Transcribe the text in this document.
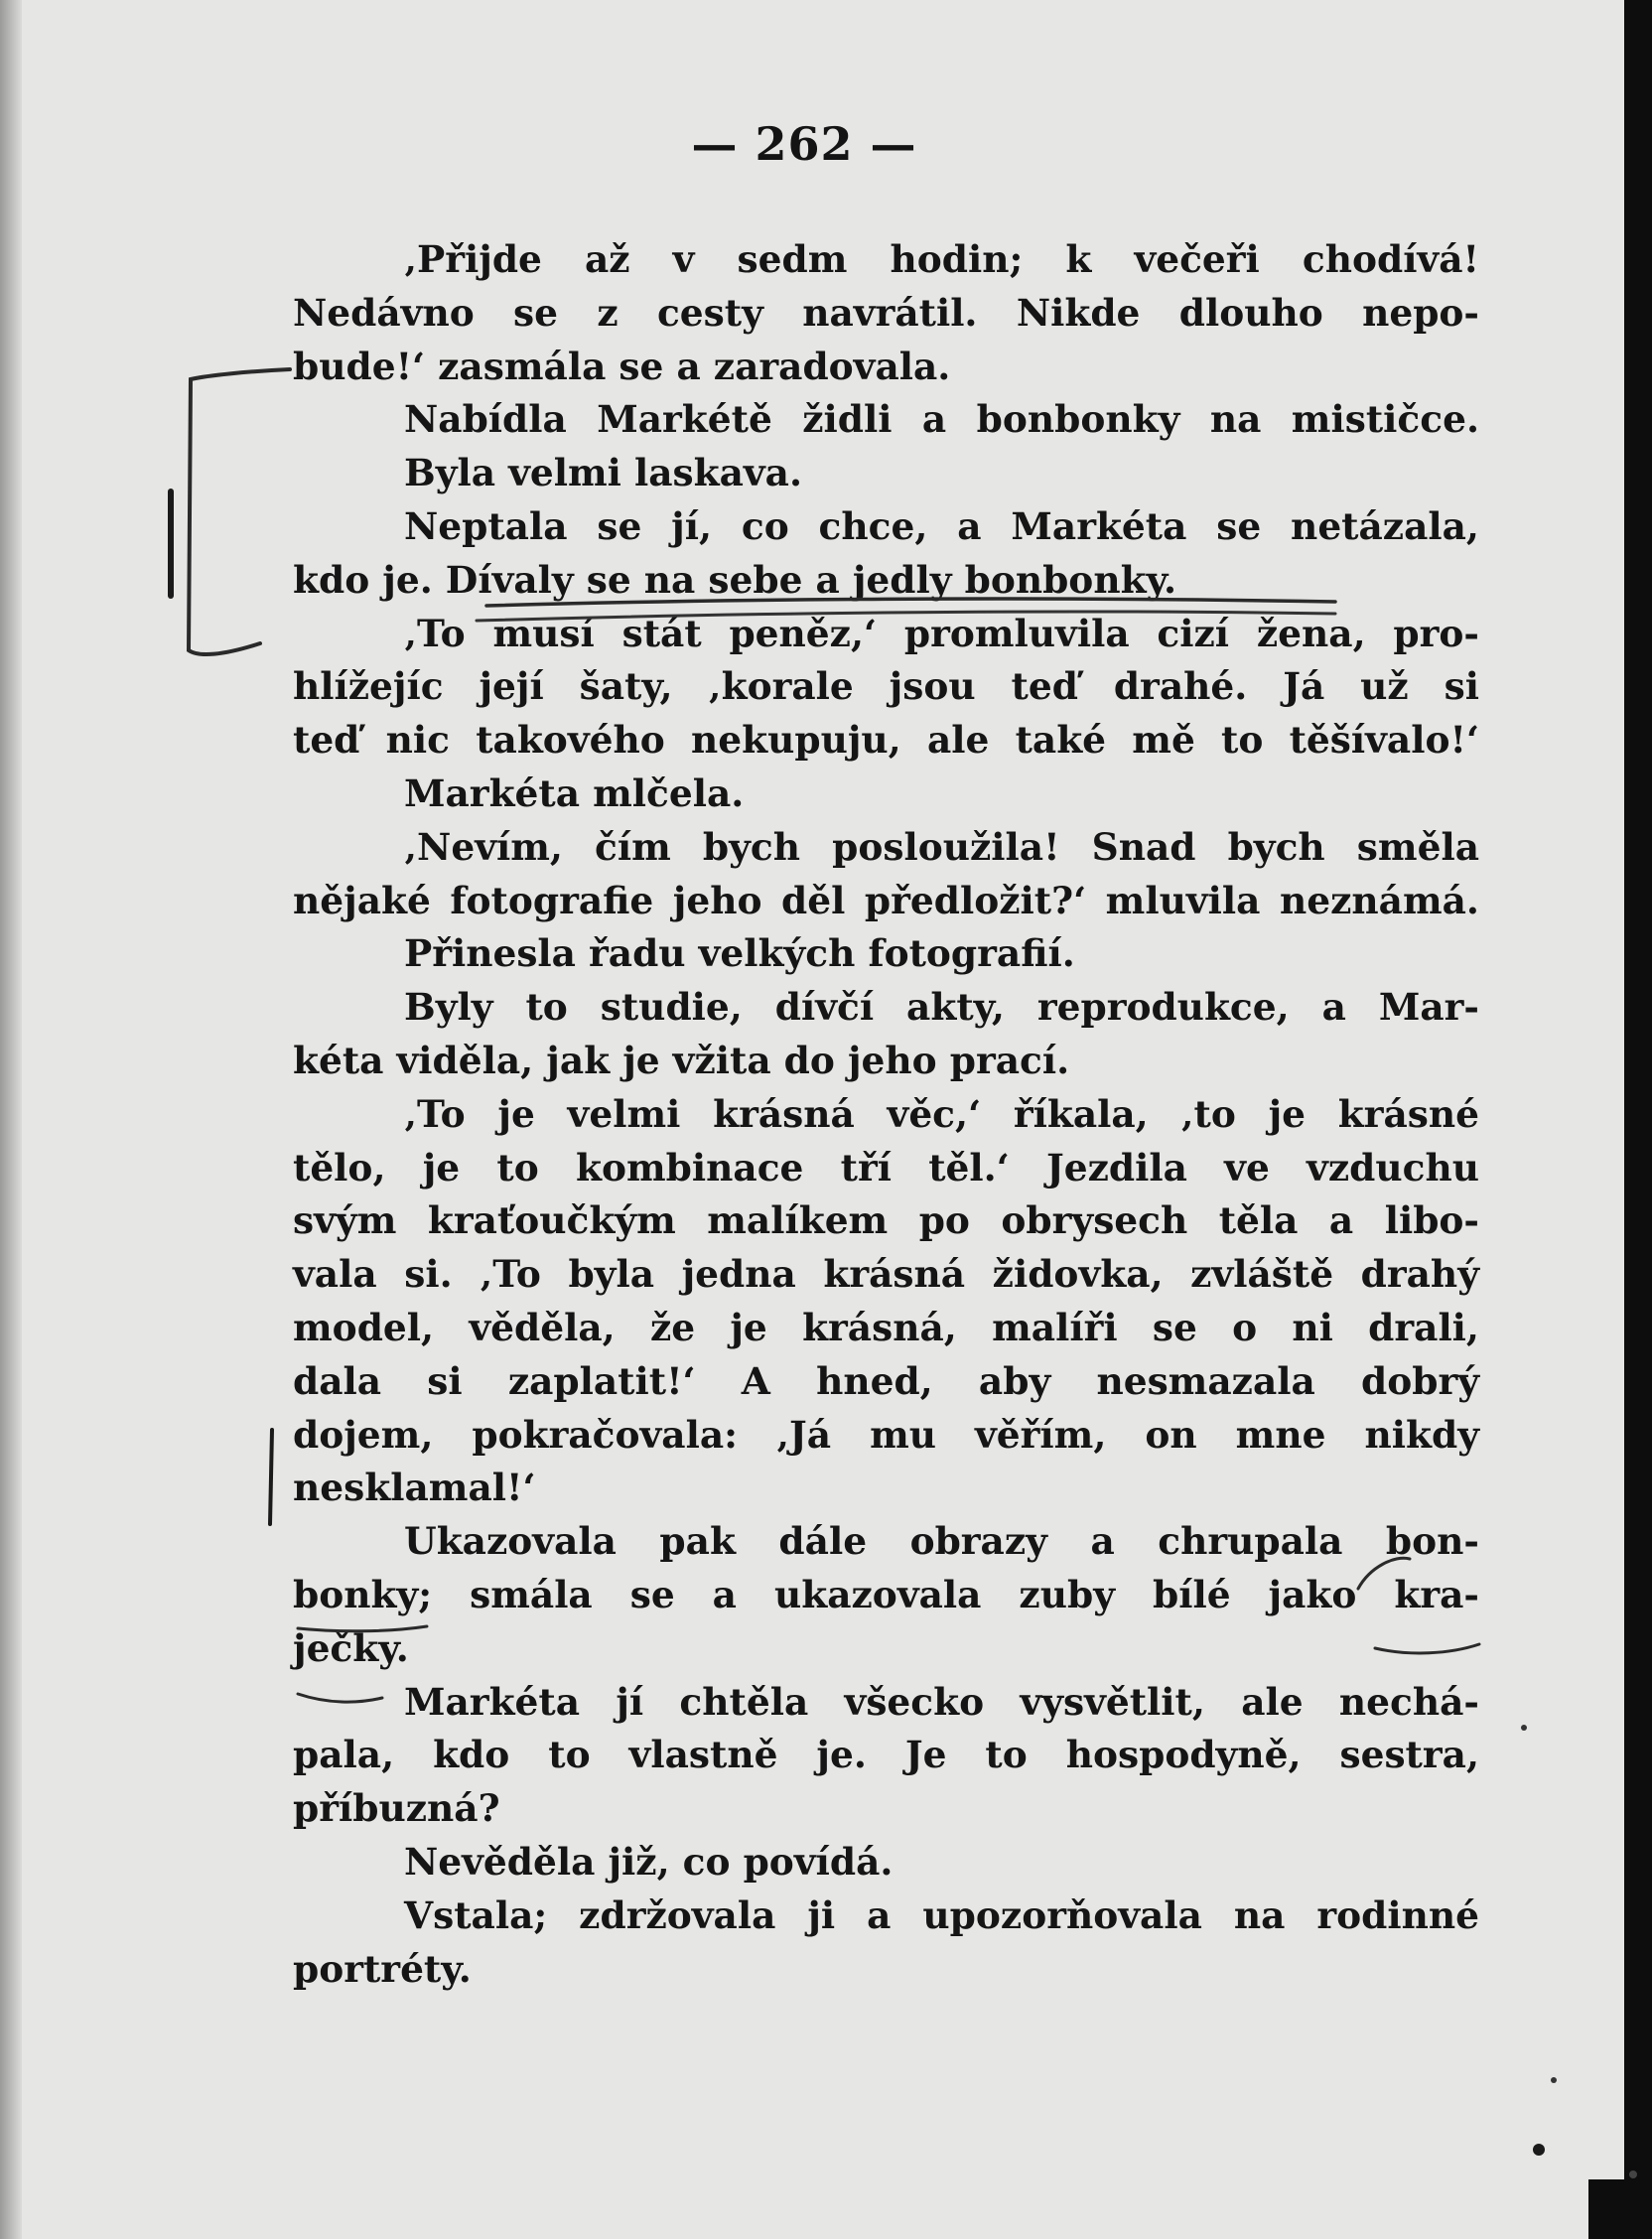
— 262 —
‚Přijde až v sedm hodin; k večeři chodívá!
Nedávno se z cesty navrátil. Nikde dlouho nepo-
bude!‘ zasmála se a zaradovala.
Nabídla Markétě židli a bonbonky na mističce.
Byla velmi laskava.
Neptala se jí, co chce, a Markéta se netázala,
kdo je. Dívaly se na sebe a jedly bonbonky.
‚To musí stát peněz,‘ promluvila cizí žena, pro-
hlížejíc její šaty, ‚korale jsou teď drahé. Já už si
teď nic takového nekupuju, ale také mě to těšívalo!‘
Markéta mlčela.
‚Nevím, čím bych posloužila! Snad bych směla
nějaké fotografie jeho děl předložit?‘ mluvila neznámá.
Přinesla řadu velkých fotografií.
Byly to studie, dívčí akty, reprodukce, a Mar-
kéta viděla, jak je vžita do jeho prací.
‚To je velmi krásná věc,‘ říkala, ‚to je krásné
tělo, je to kombinace tří těl.‘ Jezdila ve vzduchu
svým kraťoučkým malíkem po obrysech těla a libo-
vala si. ‚To byla jedna krásná židovka, zvláště drahý
model, věděla, že je krásná, malíři se o ni drali,
dala si zaplatit!‘ A hned, aby nesmazala dobrý
dojem, pokračovala: ‚Já mu věřím, on mne nikdy
nesklamal!‘
Ukazovala pak dále obrazy a chrupala bon-
bonky; smála se a ukazovala zuby bílé jako kra-
ječky.
Markéta jí chtěla všecko vysvětlit, ale nechá-
pala, kdo to vlastně je. Je to hospodyně, sestra,
příbuzná?
Nevěděla již, co povídá.
Vstala; zdržovala ji a upozorňovala na rodinné
portréty.
